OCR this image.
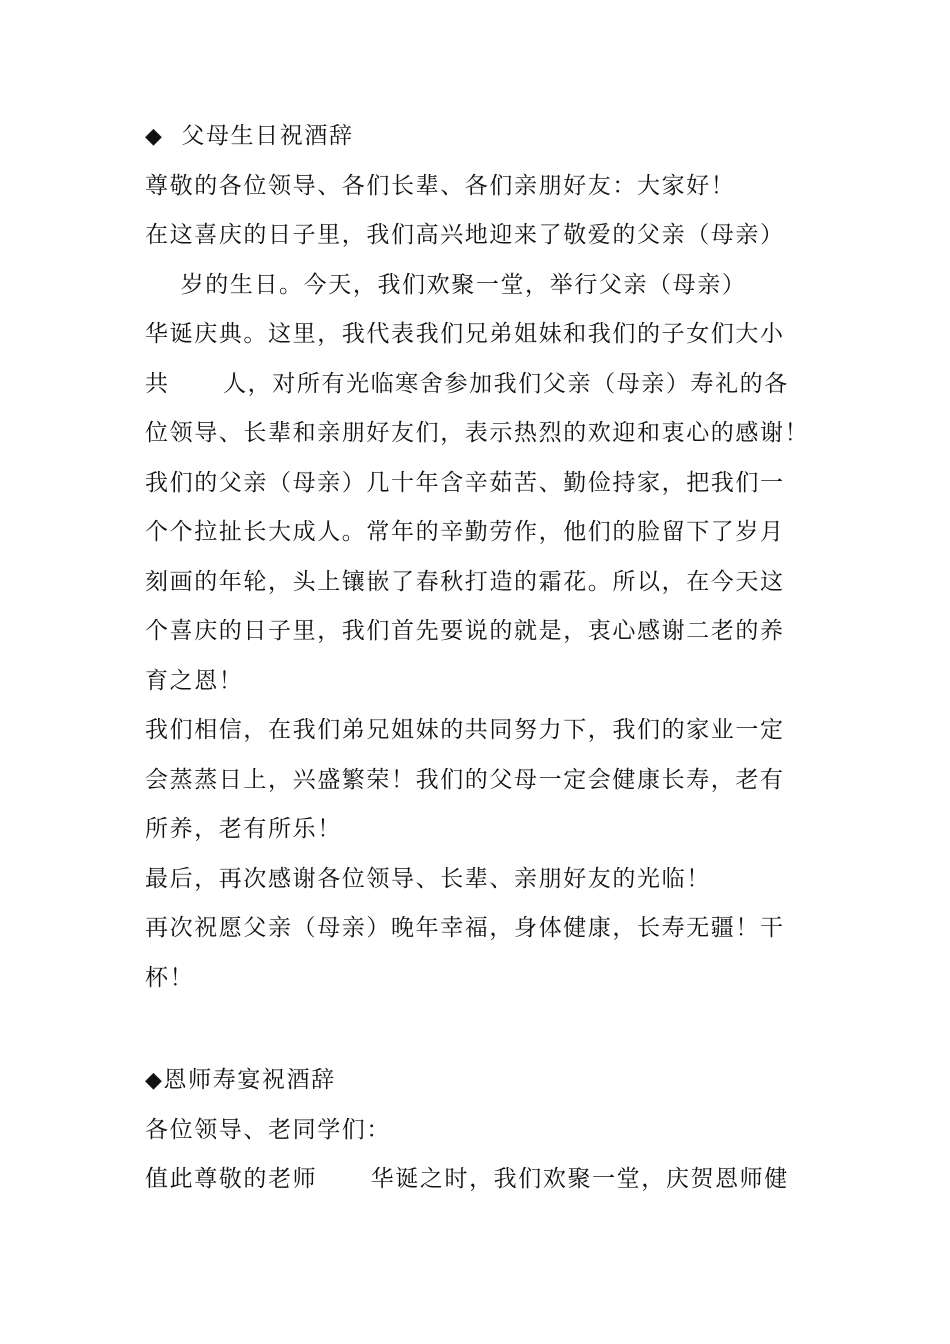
◆ 父母生日祝酒辞
尊敬的各位领导、各们长辈、各们亲朋好友：大家好！
在这喜庆的日子里，我们高兴地迎来了敬爱的父亲（母亲）
岁的生日。今天，我们欢聚一堂，举行父亲（母亲）
华诞庆典。这里，我代表我们兄弟姐妹和我们的子女们大小
共      人，对所有光临寒舍参加我们父亲（母亲）寿礼的各
位领导、长辈和亲朋好友们，表示热烈的欢迎和衷心的感谢！
我们的父亲（母亲）几十年含辛茹苦、勤俭持家，把我们一
个个拉扯长大成人。常年的辛勤劳作，他们的脸留下了岁月
刻画的年轮，头上镶嵌了春秋打造的霜花。所以，在今天这
个喜庆的日子里，我们首先要说的就是，衷心感谢二老的养
育之恩！
我们相信，在我们弟兄姐妹的共同努力下，我们的家业一定
会蒸蒸日上，兴盛繁荣！我们的父母一定会健康长寿，老有
所养，老有所乐！
最后，再次感谢各位领导、长辈、亲朋好友的光临！
再次祝愿父亲（母亲）晚年幸福，身体健康，长寿无疆！干
杯！
◆ 恩师寿宴祝酒辞
各位领导、老同学们：
值此尊敬的老师      华诞之时，我们欢聚一堂，庆贺恩师健
